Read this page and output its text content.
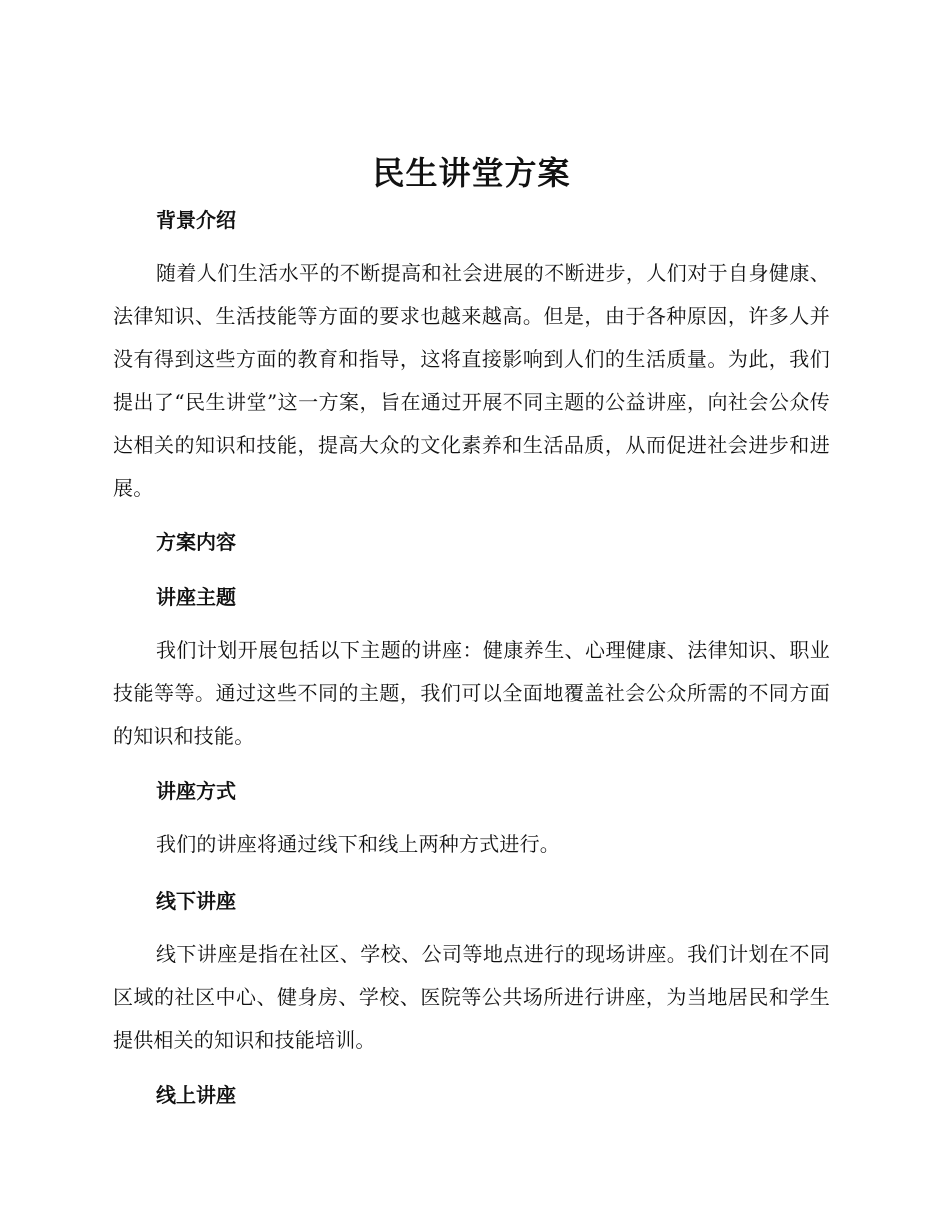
民生讲堂方案
背景介绍

随着人们生活水平的不断提高和社会进展的不断进步，人们对于自身健康、法律知识、生活技能等方面的要求也越来越高。但是，由于各种原因，许多人并没有得到这些方面的教育和指导，这将直接影响到人们的生活质量。为此，我们提出了“民生讲堂”这一方案，旨在通过开展不同主题的公益讲座，向社会公众传达相关的知识和技能，提高大众的文化素养和生活品质，从而促进社会进步和进展。

方案内容
讲座主题

我们计划开展包括以下主题的讲座：健康养生、心理健康、法律知识、职业技能等等。通过这些不同的主题，我们可以全面地覆盖社会公众所需的不同方面的知识和技能。

讲座方式

我们的讲座将通过线下和线上两种方式进行。

线下讲座

线下讲座是指在社区、学校、公司等地点进行的现场讲座。我们计划在不同区域的社区中心、健身房、学校、医院等公共场所进行讲座，为当地居民和学生提供相关的知识和技能培训。

线上讲座
